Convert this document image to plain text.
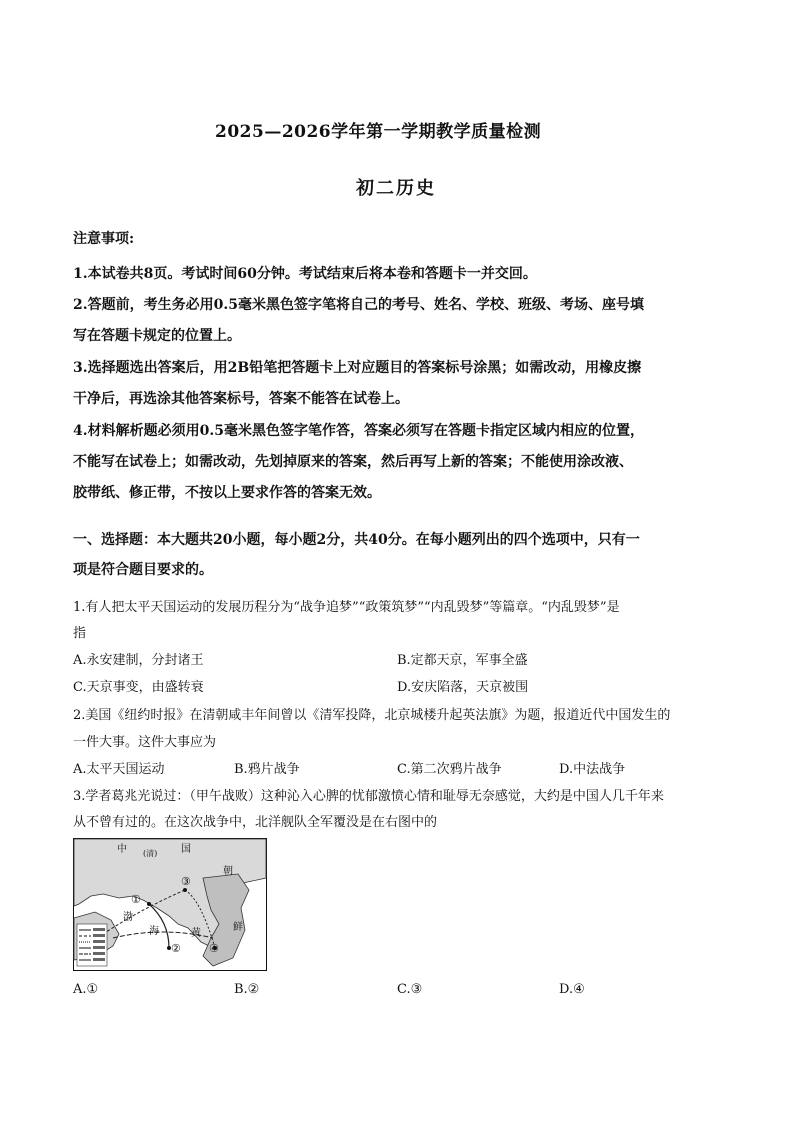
2025—2026学年第一学期教学质量检测
初二历史
注意事项:
1.本试卷共8页。考试时间60分钟。考试结束后将本卷和答题卡一并交回。
2.答题前，考生务必用0.5毫米黑色签字笔将自己的考号、姓名、学校、班级、考场、座号填
写在答题卡规定的位置上。
3.选择题选出答案后，用2B铅笔把答题卡上对应题目的答案标号涂黑；如需改动，用橡皮擦
干净后，再选涂其他答案标号，答案不能答在试卷上。
4.材料解析题必须用0.5毫米黑色签字笔作答，答案必须写在答题卡指定区域内相应的位置，
不能写在试卷上；如需改动，先划掉原来的答案，然后再写上新的答案；不能使用涂改液、
胶带纸、修正带，不按以上要求作答的答案无效。
一、选择题：本大题共20小题，每小题2分，共40分。在每小题列出的四个选项中，只有一
项是符合题目要求的。
1.有人把太平天国运动的发展历程分为“战争追梦”“政策筑梦”“内乱毁梦”等篇章。“内乱毁梦”是
指
A.永安建制，分封诸王	B.定都天京，军事全盛
C.天京事变，由盛转衰	D.安庆陷落，天京被围
2.美国《纽约时报》在清朝咸丰年间曾以《清军投降，北京城楼升起英法旗》为题，报道近代中国发生的
一件大事。这件大事应为
A.太平天国运动	B.鸦片战争	C.第二次鸦片战争	D.中法战争
3.学者葛兆光说过：（甲午战败）这种沁入心脾的忧郁激愤心情和耻辱无奈感觉，大约是中国人几千年来
从不曾有过的。在这次战争中，北洋舰队全军覆没是在右图中的
中	国
(清)
朝
鲜
渤
海	黄
①
②
③
④
A.①	B.②	C.③	D.④
